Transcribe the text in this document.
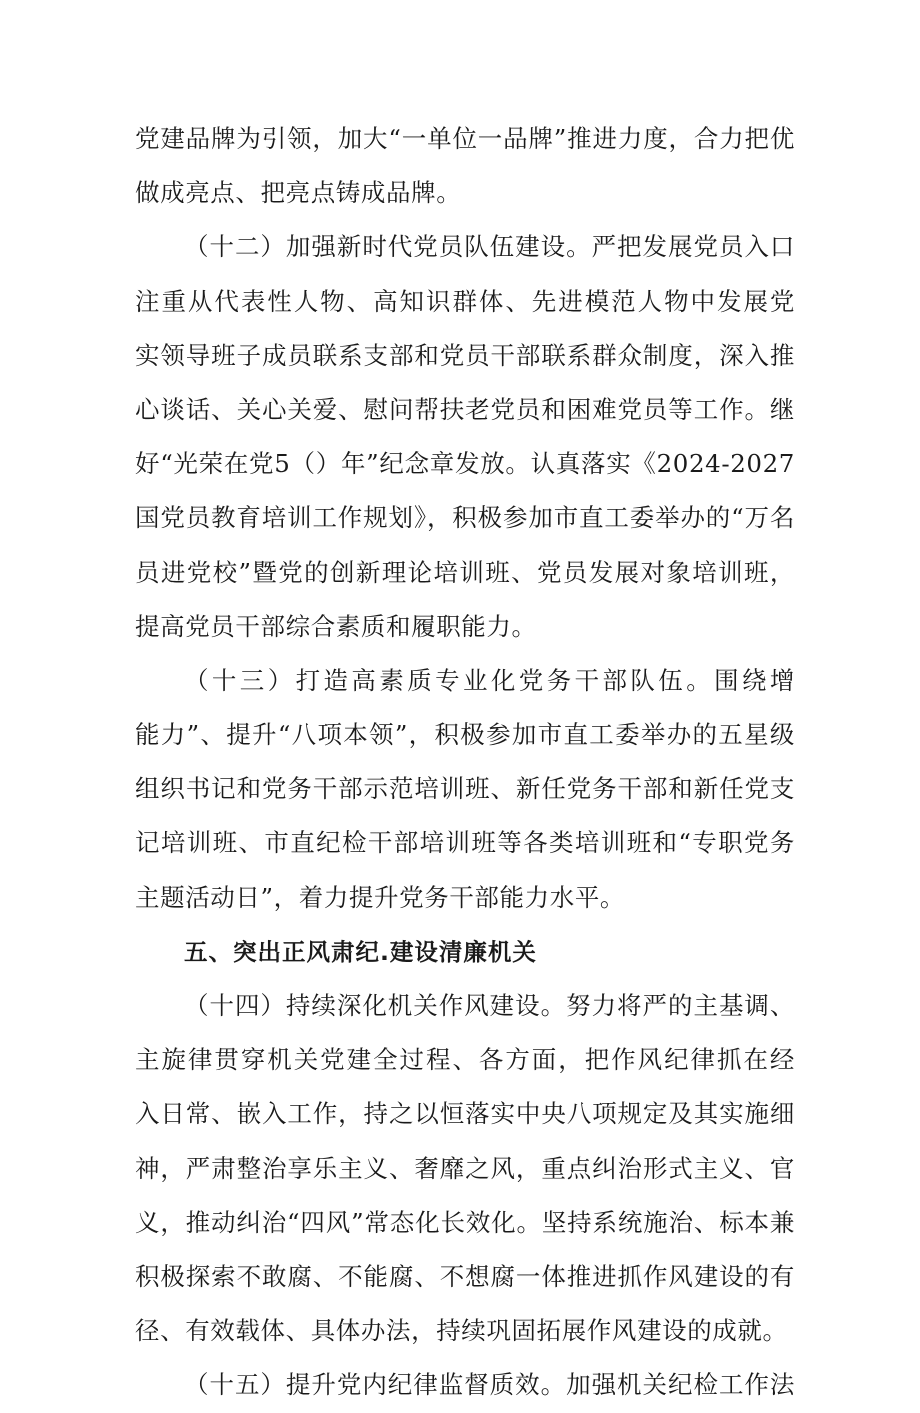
党建品牌为引领，加大“一单位一品牌”推进力度，合力把优
做成亮点、把亮点铸成品牌。
（十二）加强新时代党员队伍建设。严把发展党员入口
注重从代表性人物、高知识群体、先进模范人物中发展党
实领导班子成员联系支部和党员干部联系群众制度，深入推
心谈话、关心关爱、慰问帮扶老党员和困难党员等工作。继
好“光荣在党5（）年”纪念章发放。认真落实《2024-2027
国党员教育培训工作规划》，积极参加市直工委举办的“万名
员进党校”暨党的创新理论培训班、党员发展对象培训班，
提高党员干部综合素质和履职能力。
（十三）打造高素质专业化党务干部队伍。围绕增
能力”、提升“八项本领”，积极参加市直工委举办的五星级
组织书记和党务干部示范培训班、新任党务干部和新任党支
记培训班、市直纪检干部培训班等各类培训班和“专职党务
主题活动日”，着力提升党务干部能力水平。
五、突出正风肃纪.建设清廉机关
（十四）持续深化机关作风建设。努力将严的主基调、
主旋律贯穿机关党建全过程、各方面，把作风纪律抓在经
入日常、嵌入工作，持之以恒落实中央八项规定及其实施细
神，严肃整治享乐主义、奢靡之风，重点纠治形式主义、官
义，推动纠治“四风”常态化长效化。坚持系统施治、标本兼
积极探索不敢腐、不能腐、不想腐一体推进抓作风建设的有
径、有效载体、具体办法，持续巩固拓展作风建设的成就。
（十五）提升党内纪律监督质效。加强机关纪检工作法
